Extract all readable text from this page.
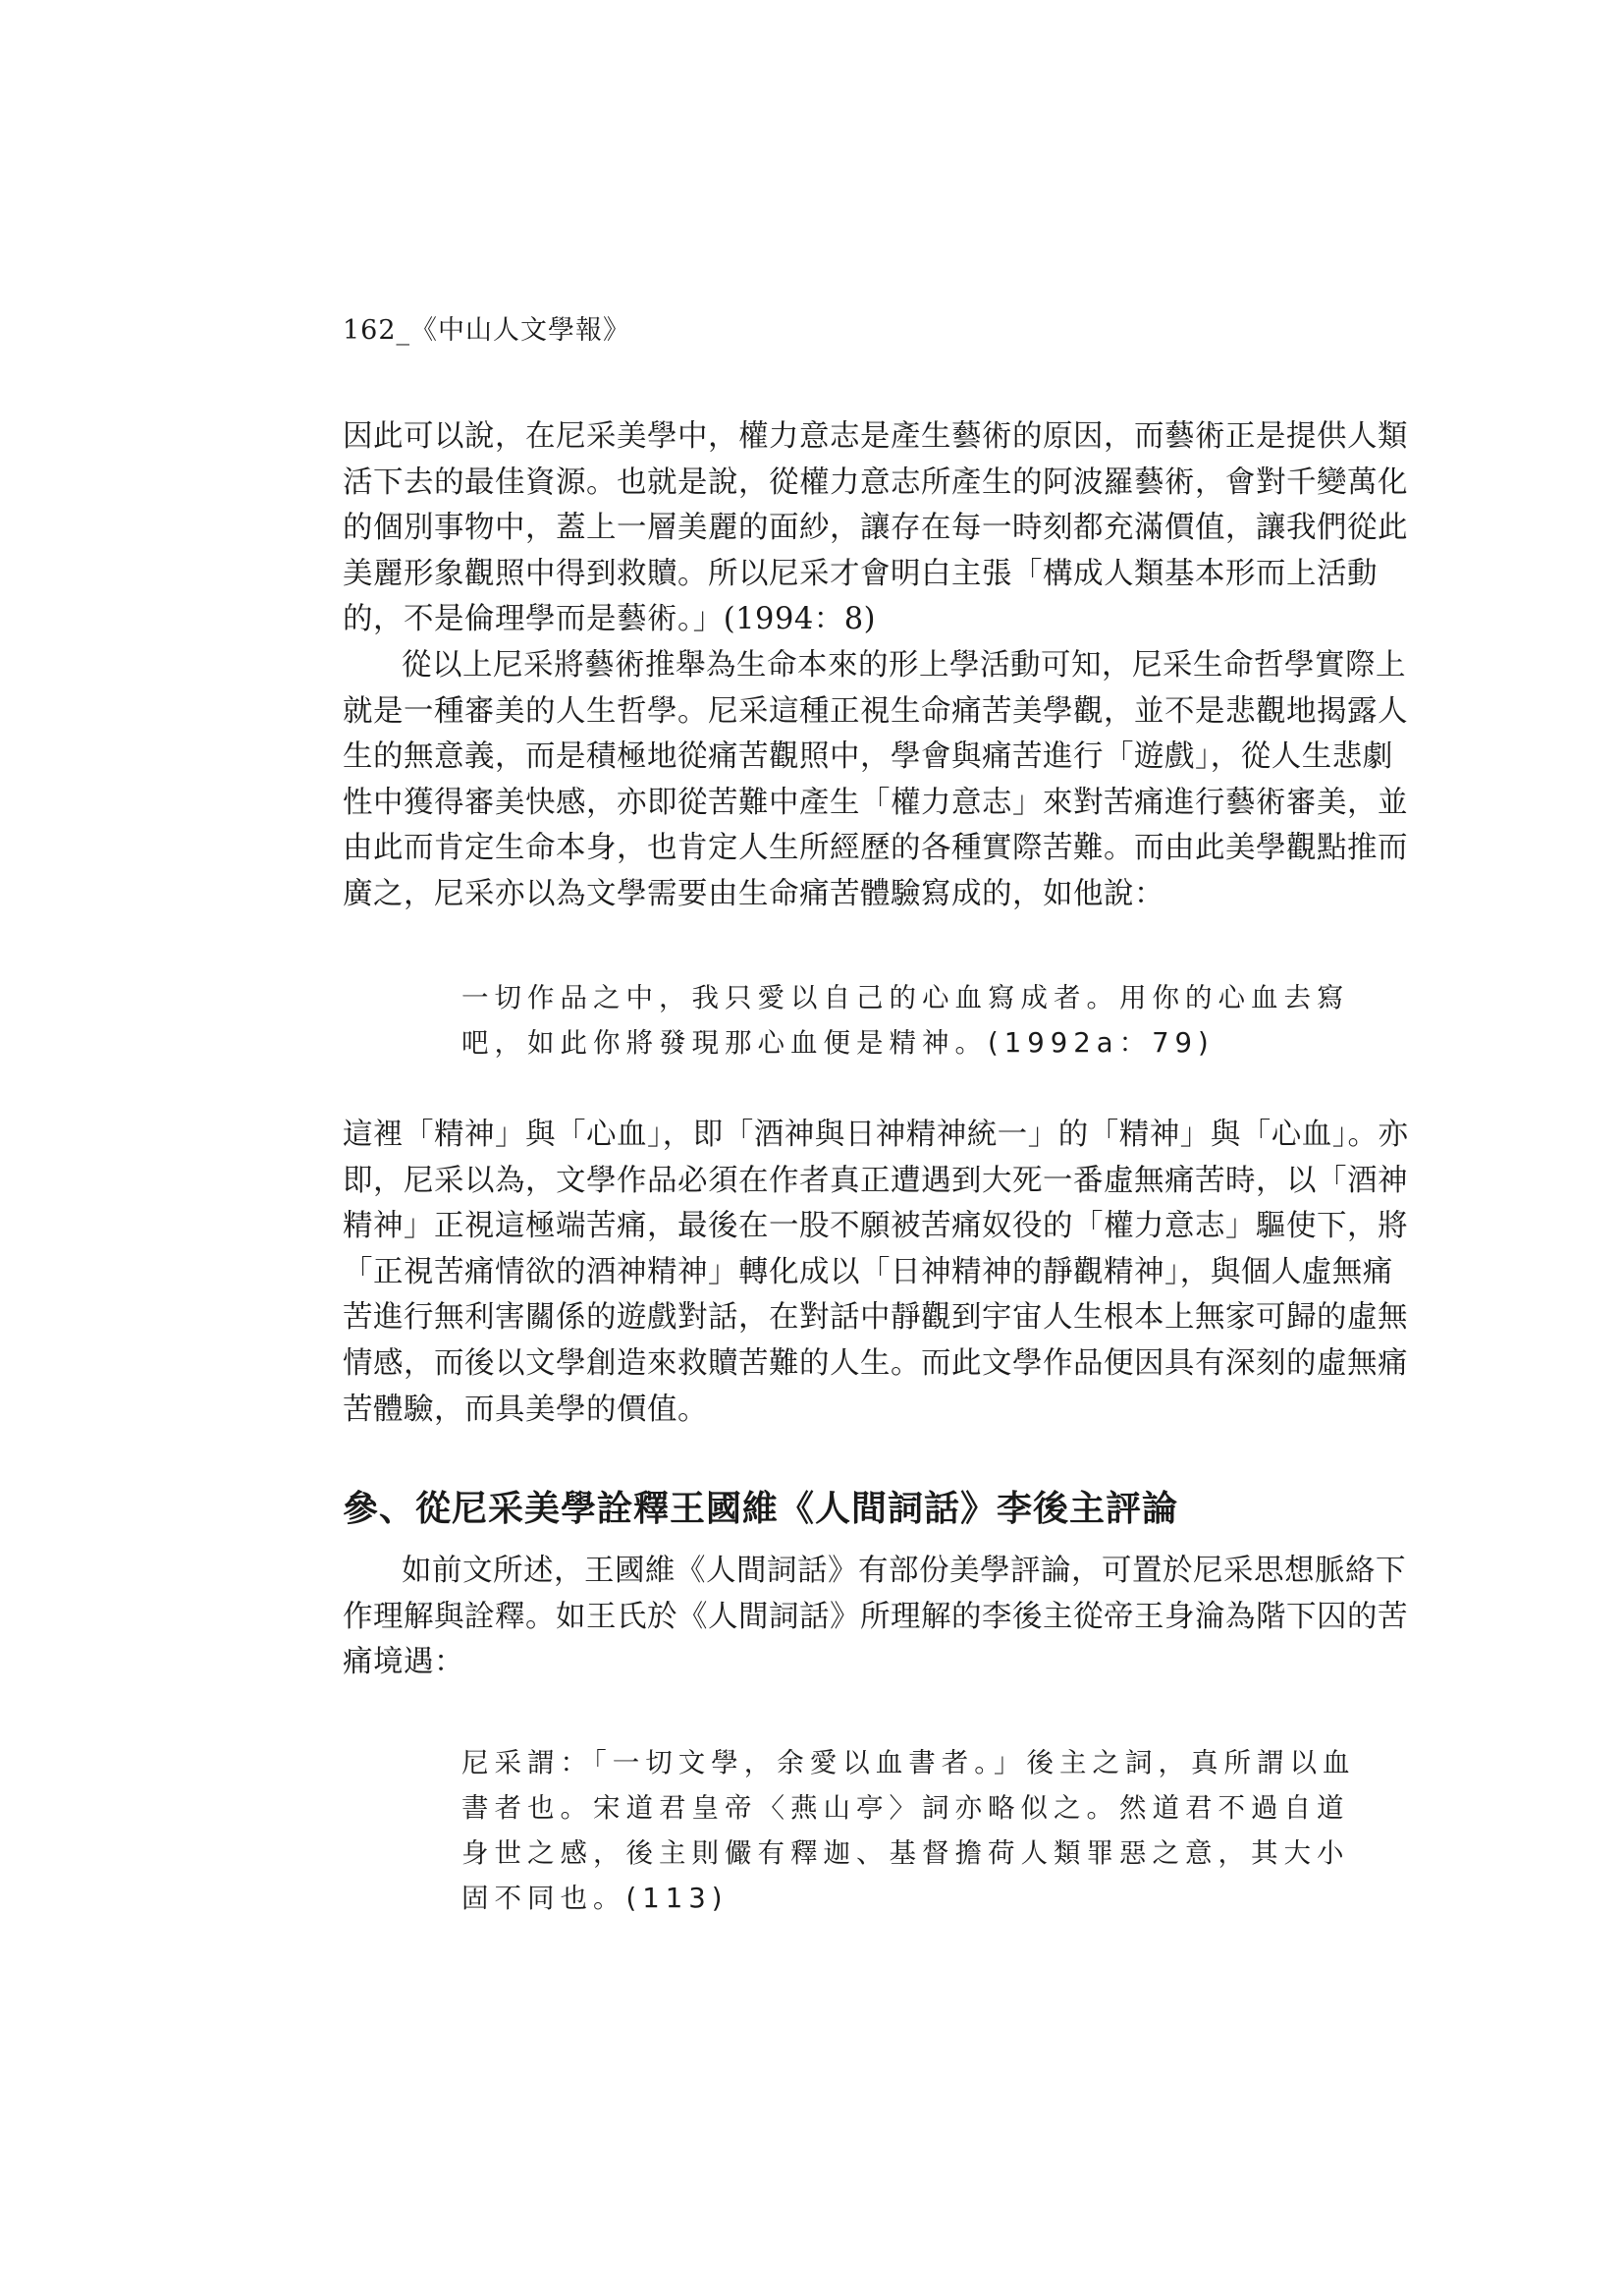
162_《中山人文學報》
因此可以說，在尼采美學中，權力意志是產生藝術的原因，而藝術正是提供人類
活下去的最佳資源。也就是說，從權力意志所產生的阿波羅藝術，會對千變萬化
的個別事物中，蓋上一層美麗的面紗，讓存在每一時刻都充滿價值，讓我們從此
美麗形象觀照中得到救贖。所以尼采才會明白主張「構成人類基本形而上活動
的，不是倫理學而是藝術。」(1994：8)
從以上尼采將藝術推舉為生命本來的形上學活動可知，尼采生命哲學實際上
就是一種審美的人生哲學。尼采這種正視生命痛苦美學觀，並不是悲觀地揭露人
生的無意義，而是積極地從痛苦觀照中，學會與痛苦進行「遊戲」，從人生悲劇
性中獲得審美快感，亦即從苦難中產生「權力意志」來對苦痛進行藝術審美，並
由此而肯定生命本身，也肯定人生所經歷的各種實際苦難。而由此美學觀點推而
廣之，尼采亦以為文學需要由生命痛苦體驗寫成的，如他說：
一切作品之中，我只愛以自己的心血寫成者。用你的心血去寫
吧，如此你將發現那心血便是精神。(1992a：79)
這裡「精神」與「心血」，即「酒神與日神精神統一」的「精神」與「心血」。亦
即，尼采以為，文學作品必須在作者真正遭遇到大死一番虛無痛苦時，以「酒神
精神」正視這極端苦痛，最後在一股不願被苦痛奴役的「權力意志」驅使下，將
「正視苦痛情欲的酒神精神」轉化成以「日神精神的靜觀精神」，與個人虛無痛
苦進行無利害關係的遊戲對話，在對話中靜觀到宇宙人生根本上無家可歸的虛無
情感，而後以文學創造來救贖苦難的人生。而此文學作品便因具有深刻的虛無痛
苦體驗，而具美學的價值。
參、從尼采美學詮釋王國維《人間詞話》李後主評論
如前文所述，王國維《人間詞話》有部份美學評論，可置於尼采思想脈絡下
作理解與詮釋。如王氏於《人間詞話》所理解的李後主從帝王身淪為階下囚的苦
痛境遇：
尼采謂：「一切文學，余愛以血書者。」後主之詞，真所謂以血
書者也。宋道君皇帝〈燕山亭〉詞亦略似之。然道君不過自道
身世之感，後主則儼有釋迦、基督擔荷人類罪惡之意，其大小
固不同也。(113)
